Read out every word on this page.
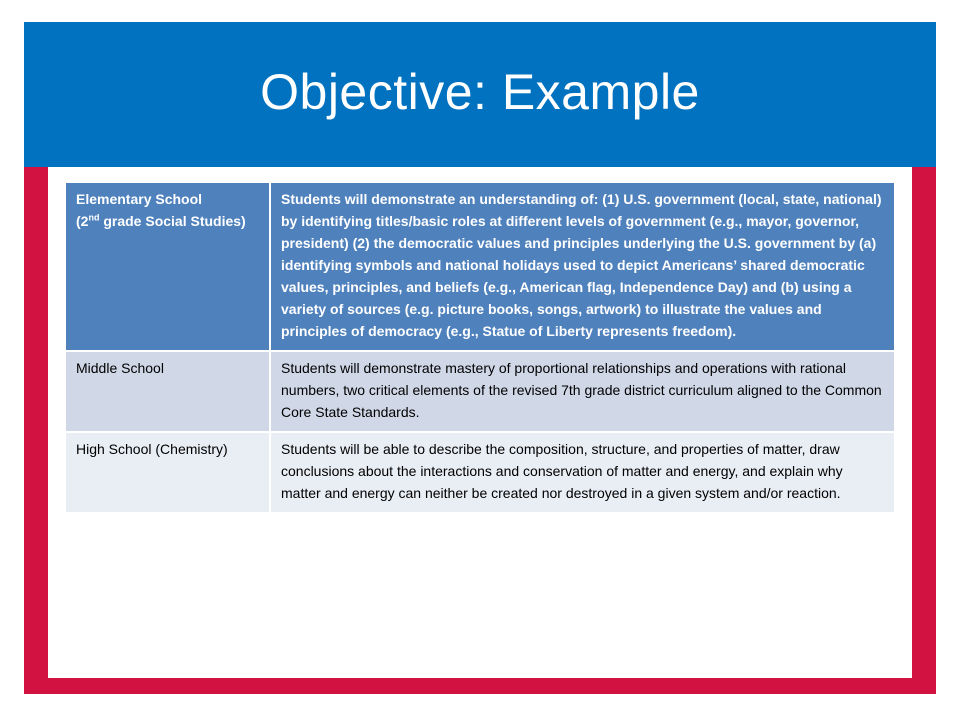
Objective: Example
Elementary School
(2nd grade Social Studies)	Students will demonstrate an understanding of: (1) U.S. government (local, state, national) by identifying titles/basic roles at different levels of government (e.g., mayor, governor, president) (2) the democratic values and principles underlying the U.S. government by (a) identifying symbols and national holidays used to depict Americans’ shared democratic values, principles, and beliefs (e.g., American flag, Independence Day) and (b) using a variety of sources (e.g. picture books, songs, artwork) to illustrate the values and principles of democracy (e.g., Statue of Liberty represents freedom).
Middle School	Students will demonstrate mastery of proportional relationships and operations with rational numbers, two critical elements of the revised 7th grade district curriculum aligned to the Common Core State Standards.
High School (Chemistry)	Students will be able to describe the composition, structure, and properties of matter, draw conclusions about the interactions and conservation of matter and energy, and explain why matter and energy can neither be created nor destroyed in a given system and/or reaction.
